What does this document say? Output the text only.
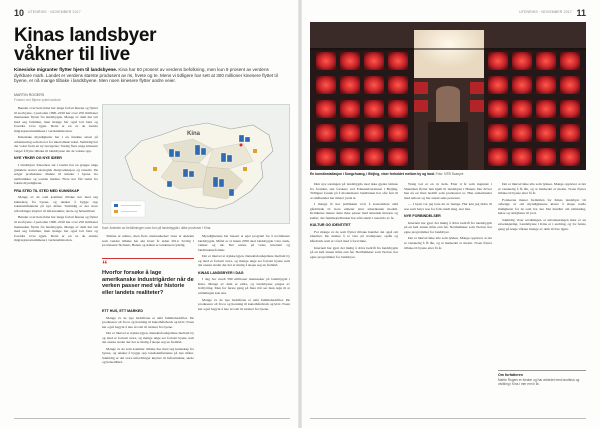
10 UTENRIKS · NOVEMBER 2017
Kinas landsbyer
våkner til live
Kinesiske migranter flytter hjem til landsbyene. Kina har 50 prosent av verdens befolkning, men kun 9 prosent av verdens dyrkbare mark. Landet er verdens største produsent av ris, hvete og te. Mens vi tidligere har sett at 300 millioner kinesere flyttet til byene, er nå mange tilbake i landsbyene. Men noen kinesere flytter andre veier.
MARTIN ROGERS
Forsker ved Bjerke sykehusskole

Bønder over hele Kina har lenge forlatt åkrene og flyttet til storbyene. I perioden 1990–2010 har over 250 millioner mennesker flyttet fra landsbygda. Mange av dem har tatt med seg familien, men mange har også latt barn og foreldre være igjen. Dette er en av de største migrasjonsstrømmene i verdenshistorien.

Kinesiske myndigheter har i en årrekke satset på urbanisering som motor for økonomisk vekst. Samtidig har det vokst frem en ny bevegelse: Stadig flere unge kinesere velger å flytte tilbake til landsbyene der de vokste opp.

NYE YRKER OG NYE IDEER

I landsbyen Xiaozhou sør i landet har en gruppe unge gründere startet økologisk matproduksjon og reiseliv. De selger produktene direkte til kunder i byene via nettbutikker og sosiale medier. Flere har fått støtte fra lokale myndigheter.

FRA STED TIL STED MED KUNNSKAP

Mange av de som kommer tilbake har med seg kunnskap fra byene, og ønsker å bygge opp lokalsamfunnene på nye måter. Samtidig er det store utfordringer knyttet til infrastruktur, skole og helsetilbud.

Bønder over hele Kina har lenge forlatt åkrene og flyttet til storbyene. I perioden 1990–2010 har over 250 millioner mennesker flyttet fra landsbygda. Mange av dem har tatt med seg familien, men mange har også latt barn og foreldre være igjen. Dette er en av de største migrasjonsstrømmene i verdenshistorien.

Kina
Kart: Andelen av befolkningen som bor på landsbygda i ulike provinser i Kina.

Tallene er usikre, men flere undersøkelser viser at andelen som vender tilbake har økt hvert år siden 2012. Særlig i provinsene Sichuan, Henan og Anhui er tendensen tydelig.

“
Hvorfor forsøke å lage amerikanske industrigårder når de verken passer med vår historie eller landets realiteter?

ETT HUS, ETT MARKED

Mange av de nye bedriftene er små familiebedrifter. De produserer alt fra te og honning til kunsthåndverk og klær. Noen har også begynt å leie ut rom til turister fra byene.

Det er likevel et stykke igjen. Inntektsforskjellene mellom by og land er fortsatt store, og mange unge ser fortsatt byene som det eneste stedet der det er mulig å skape seg en fremtid.

Mange av de som kommer tilbake har med seg kunnskap fra byene, og ønsker å bygge opp lokalsamfunnene på nye måter. Samtidig er det store utfordringer knyttet til infrastruktur, skole og helsetilbud.

Myndighetene har lansert et eget program for å revitalisere landsbygda. Målet er at innen 2050 skal landsbygda være sterk, vakker og rik. Det satses på veier, internett og landbruksreformer.

Det er likevel et stykke igjen. Inntektsforskjellene mellom by og land er fortsatt store, og mange unge ser fortsatt byene som det eneste stedet der det er mulig å skape seg en fremtid.

KINAS LANDSBYER I DAG

I dag bor rundt 580 millioner mennesker på landsbygda i Kina. Mange av dem er eldre, og landsbyene preges av fraflytting. Men for første gang på flere tiår ser man tegn til at utviklingen kan snu.

Mange av de nye bedriftene er små familiebedrifter. De produserer alt fra te og honning til kunsthåndverk og klær. Noen har også begynt å leie ut rom til turister fra byene.

11
UTENRIKS · NOVEMBER 2017
En kunstinstallasjon i Songzhuang, i Beijing, viser forholdet mellom by og land. Foto: NTB Scanpix

Den nye satsingen på landsbygda skal ikke gjenta feilene fra fortiden, sier forskere ved Folkeuniversitetet i Beijing. Tidligere forsøk på å modernisere landbruket har ofte ført til at småbønder har mistet jorda si.

I mange år har politikken vært å konsolidere små gårdsbruk til store enheter etter amerikansk modell. Kritikerne mener dette ikke passer med kinesisk historie og kultur, der familiejordbruket har stått sterkt i tusenvis av år.

KULTUR OG IDENTITET

For mange av de som flytter tilbake handler det også om identitet. De ønsker å ta vare på tradisjoner, språk og håndverk som er i ferd med å forsvinne.

Internett har gjort det mulig å drive bedrift fra landsbygda på en helt annen måte enn før. Nettbutikker som Taobao har egne programmer for landsbyer.

Wang Lei er en av dem. Etter ti år som ingeniør i Shenzhen flyttet han hjem til landsbyen i Hunan. Der driver han nå en liten bedrift som produserer te. Han samarbeider med naboer og har ansatt seks personer.

— I byen var jeg bare én av mange. Her kan jeg bidra til noe som betyr noe for folk rundt meg, sier han.

NYE FORBINDELSER

Internett har gjort det mulig å drive bedrift fra landsbygda på en helt annen måte enn før. Nettbutikker som Taobao har egne programmer for landsbyer.

Det er likevel ikke alle som lykkes. Mange opplever at det er vanskelig å få lån, og at markedet er mettet. Noen flytter tilbake til byene etter få år.

Det er likevel ikke alle som lykkes. Mange opplever at det er vanskelig å få lån, og at markedet er mettet. Noen flytter tilbake til byene etter få år.

Forskerne mener fremtiden for Kinas landsbyer vil avhenge av om myndighetene klarer å skape reelle muligheter for de som bor der. Det handler om utdanning, helse og rettigheter til jord.

Samtidig viser utviklingen at urbaniseringen ikke er en enveiskjøring. Landsbyene i Kina er i endring, og for første gang på lenge våkner mange av dem til live igjen.

Om forfatteren
Martin Rogers er forsker og har arbeidet med landbruk og utvikling i Kina i mer enn ti år.
